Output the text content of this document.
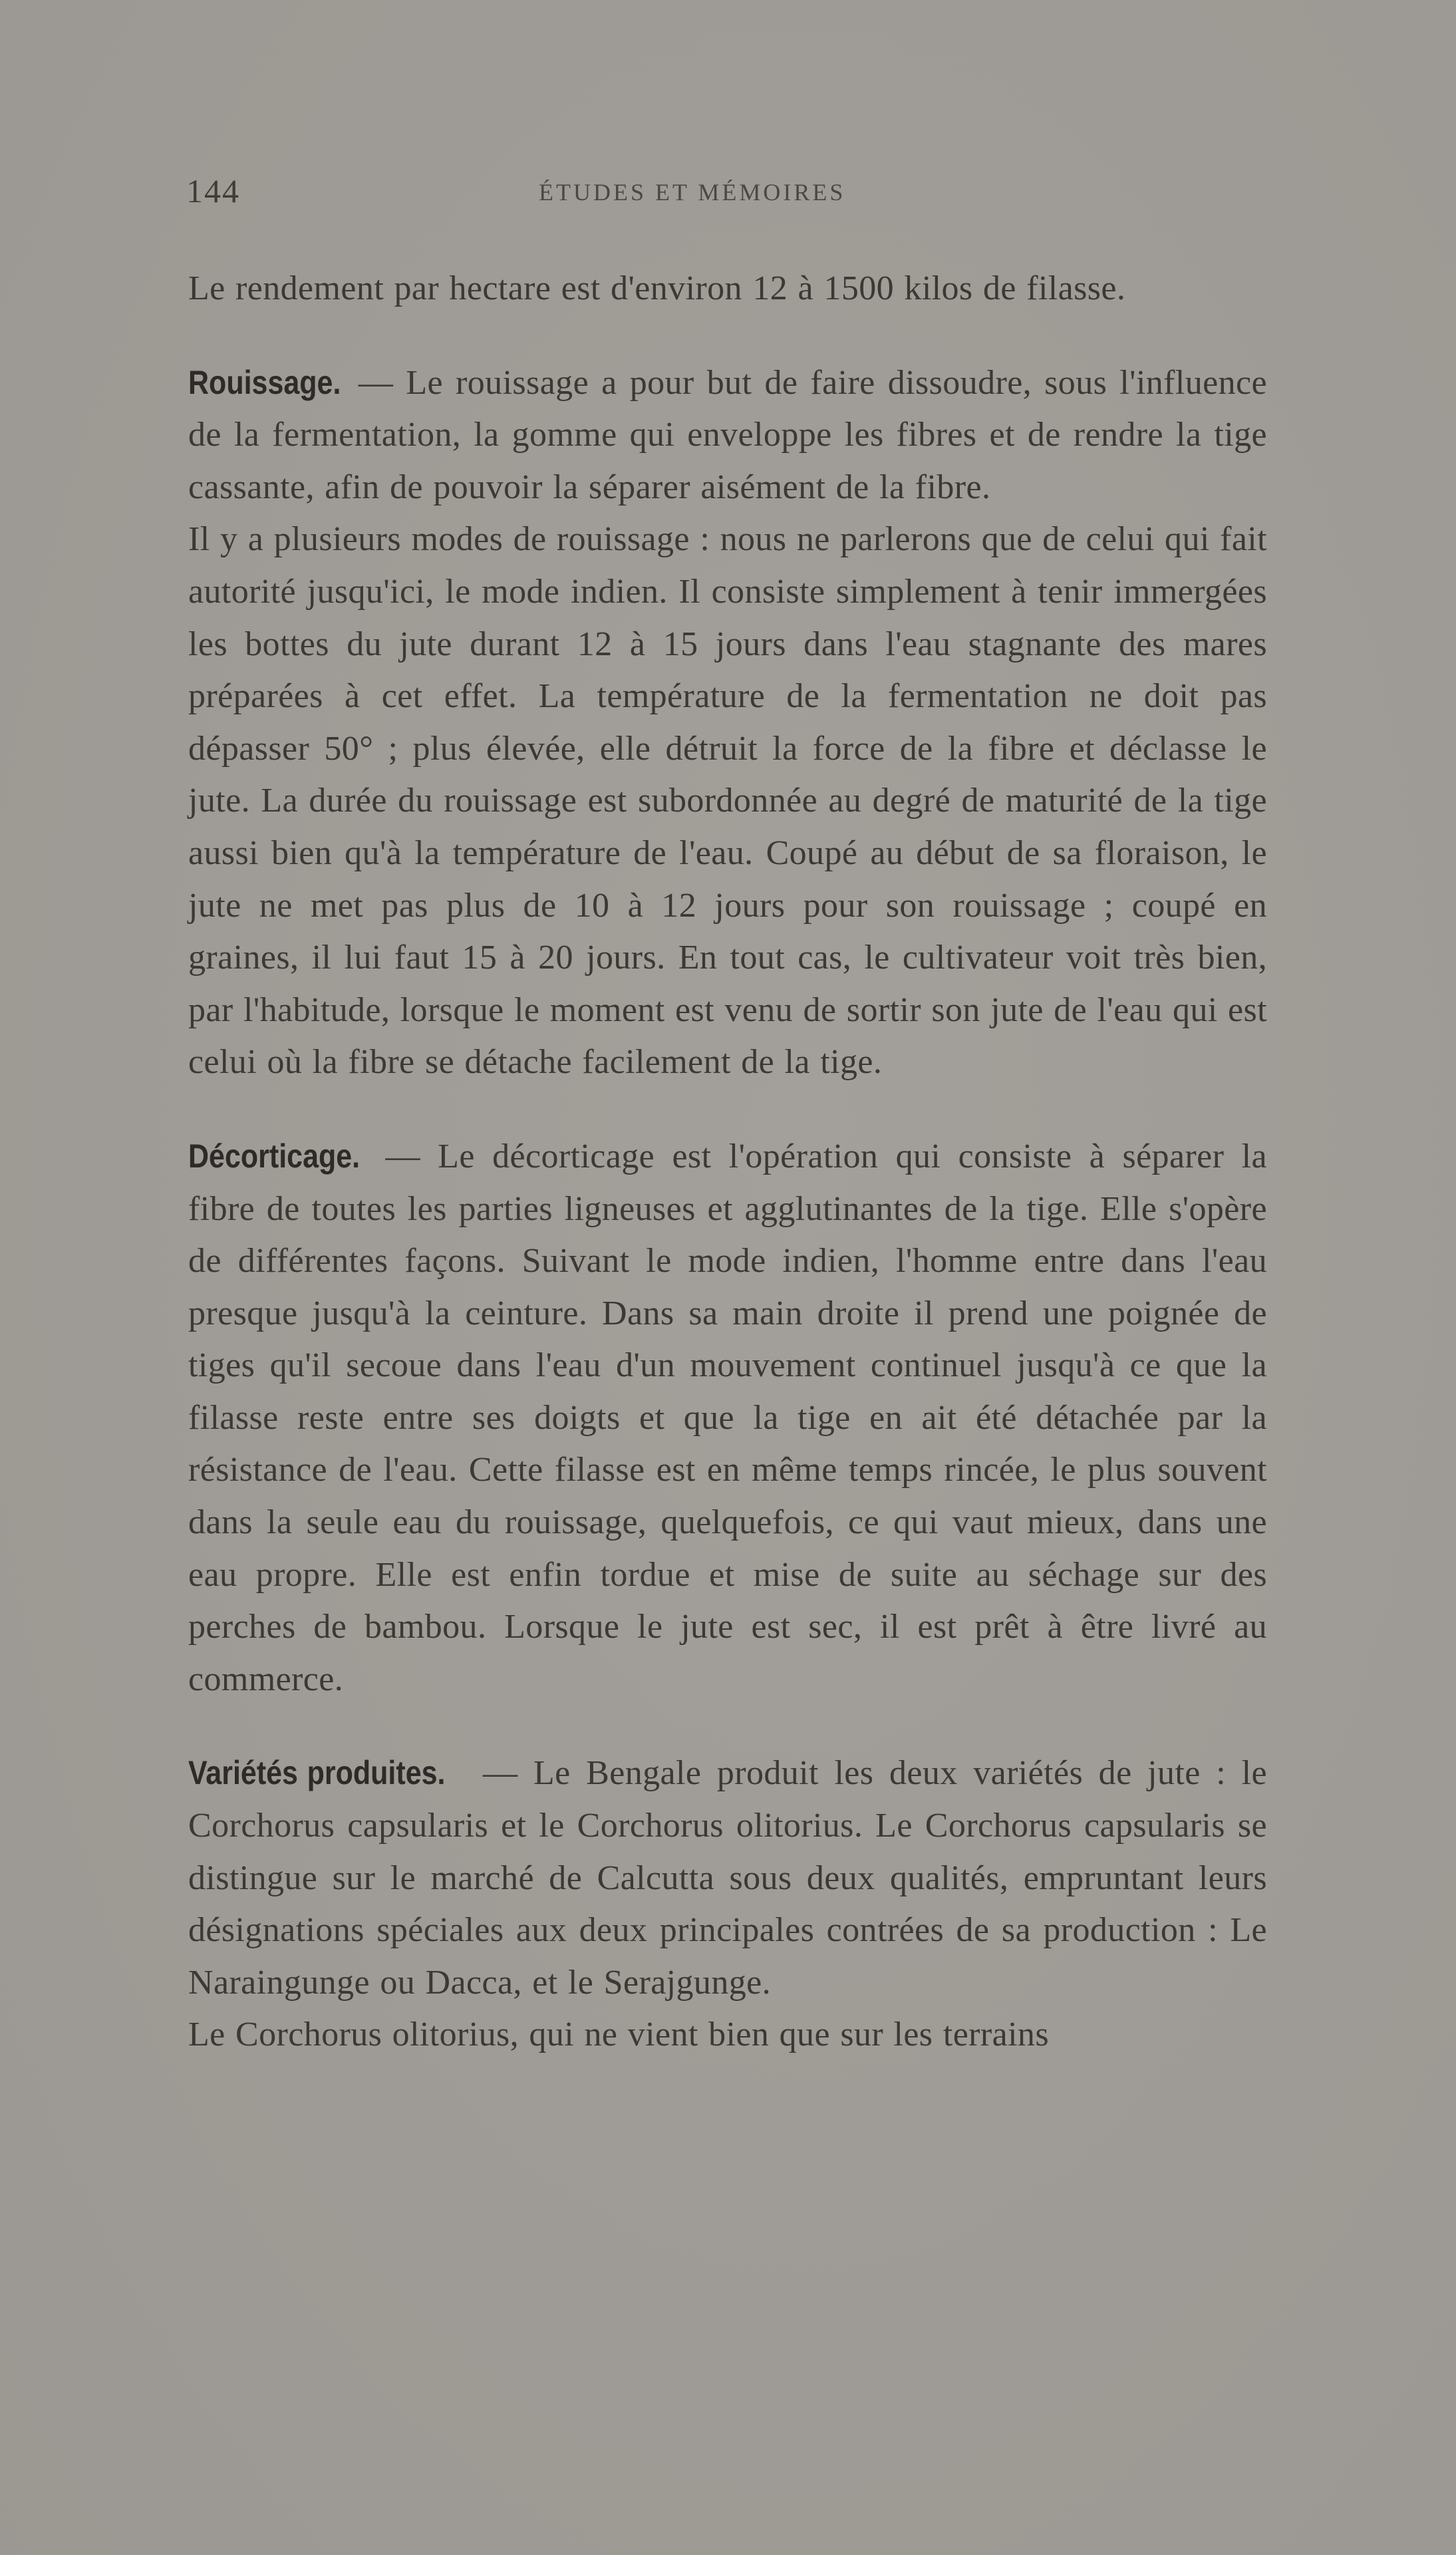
144	ÉTUDES ET MÉMOIRES

Le rendement par hectare est d'environ 12 à 1500 kilos de filasse.

Rouissage. — Le rouissage a pour but de faire dissoudre, sous l'influence de la fermentation, la gomme qui enveloppe les fibres et de rendre la tige cassante, afin de pouvoir la séparer aisément de la fibre.

Il y a plusieurs modes de rouissage : nous ne parlerons que de celui qui fait autorité jusqu'ici, le mode indien. Il consiste simplement à tenir immergées les bottes du jute durant 12 à 15 jours dans l'eau stagnante des mares préparées à cet effet. La température de la fermentation ne doit pas dépasser 50° ; plus élevée, elle détruit la force de la fibre et déclasse le jute. La durée du rouissage est subordonnée au degré de maturité de la tige aussi bien qu'à la température de l'eau. Coupé au début de sa floraison, le jute ne met pas plus de 10 à 12 jours pour son rouissage ; coupé en graines, il lui faut 15 à 20 jours. En tout cas, le cultivateur voit très bien, par l'habitude, lorsque le moment est venu de sortir son jute de l'eau qui est celui où la fibre se détache facilement de la tige.

Décorticage. — Le décorticage est l'opération qui consiste à séparer la fibre de toutes les parties ligneuses et agglutinantes de la tige. Elle s'opère de différentes façons. Suivant le mode indien, l'homme entre dans l'eau presque jusqu'à la ceinture. Dans sa main droite il prend une poignée de tiges qu'il secoue dans l'eau d'un mouvement continuel jusqu'à ce que la filasse reste entre ses doigts et que la tige en ait été détachée par la résistance de l'eau. Cette filasse est en même temps rincée, le plus souvent dans la seule eau du rouissage, quelquefois, ce qui vaut mieux, dans une eau propre. Elle est enfin tordue et mise de suite au séchage sur des perches de bambou. Lorsque le jute est sec, il est prêt à être livré au commerce.

Variétés produites. — Le Bengale produit les deux variétés de jute : le Corchorus capsularis et le Corchorus olitorius. Le Corchorus capsularis se distingue sur le marché de Calcutta sous deux qualités, empruntant leurs désignations spéciales aux deux principales contrées de sa production : Le Naraingunge ou Dacca, et le Serajgunge.

Le Corchorus olitorius, qui ne vient bien que sur les terrains
